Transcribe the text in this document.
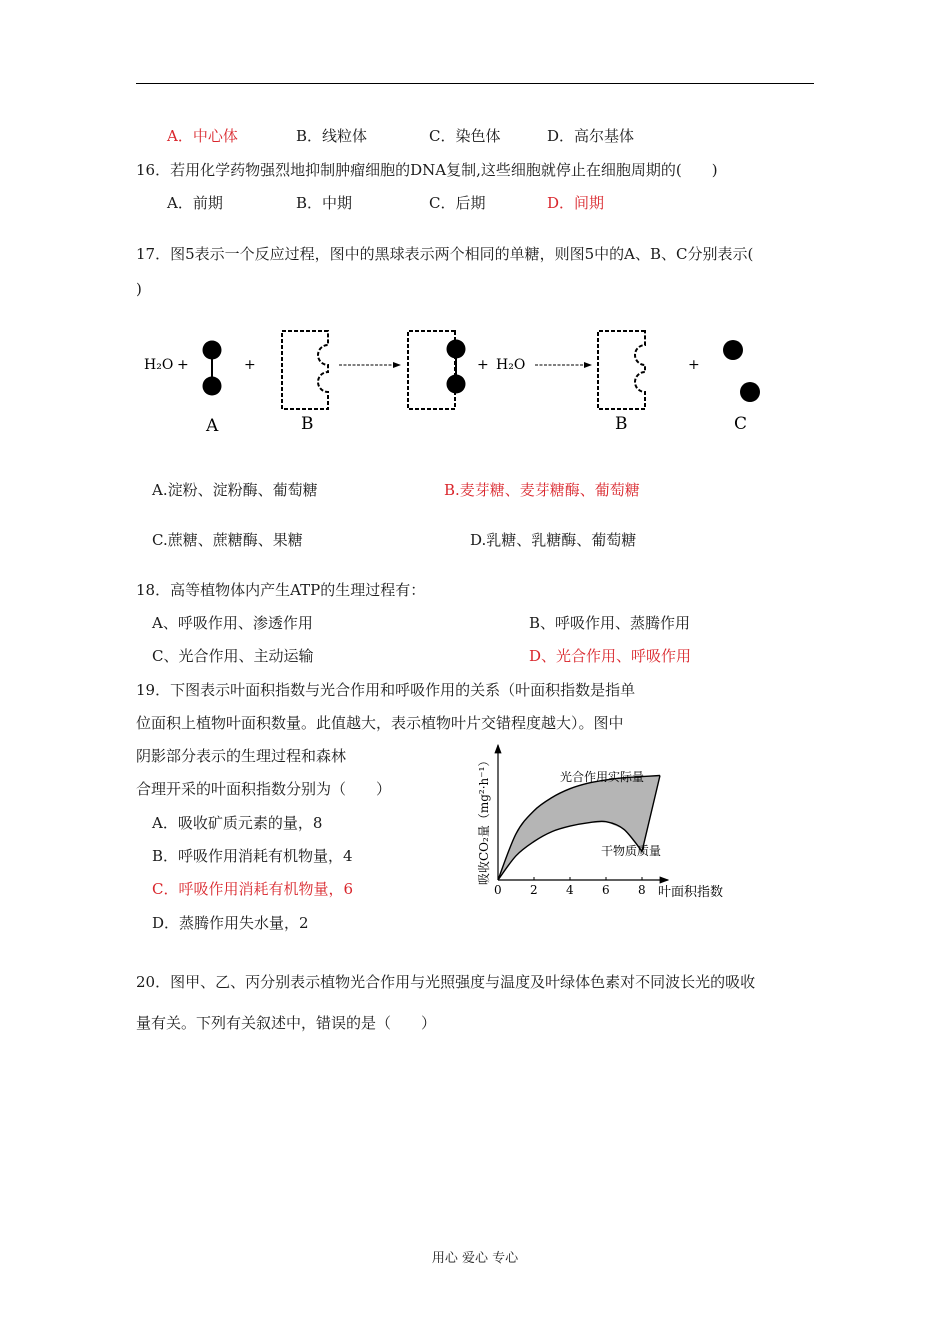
A．中心体	B．线粒体	C．染色体	D．高尔基体
16．若用化学药物强烈地抑制肿瘤细胞的DNA复制,这些细胞就停止在细胞周期的(　　)
A．前期	B．中期	C．后期	D．间期
17．图5表示一个反应过程，图中的黑球表示两个相同的单糖，则图5中的A、B、C分别表示(
)
H₂O +
A
+
B
+ H₂O
B
+
C
A.淀粉、淀粉酶、葡萄糖	B.麦芽糖、麦芽糖酶、葡萄糖
C.蔗糖、蔗糖酶、果糖	D.乳糖、乳糖酶、葡萄糖
18．高等植物体内产生ATP的生理过程有：
A、呼吸作用、渗透作用	B、呼吸作用、蒸腾作用
C、光合作用、主动运输	D、光合作用、呼吸作用
19．下图表示叶面积指数与光合作用和呼吸作用的关系（叶面积指数是指单
位面积上植物叶面积数量。此值越大，表示植物叶片交错程度越大）。图中
阴影部分表示的生理过程和森林
合理开采的叶面积指数分别为（　　）
A．吸收矿质元素的量，8
B．呼吸作用消耗有机物量，4
C．呼吸作用消耗有机物量，6
D．蒸腾作用失水量，2
0 2 4 6 8 叶面积指数
吸收CO₂量（mg²·h⁻¹）	光合作用实际量
干物质质量
20．图甲、乙、丙分别表示植物光合作用与光照强度与温度及叶绿体色素对不同波长光的吸收
量有关。下列有关叙述中，错误的是（　　）
用心 爱心 专心
